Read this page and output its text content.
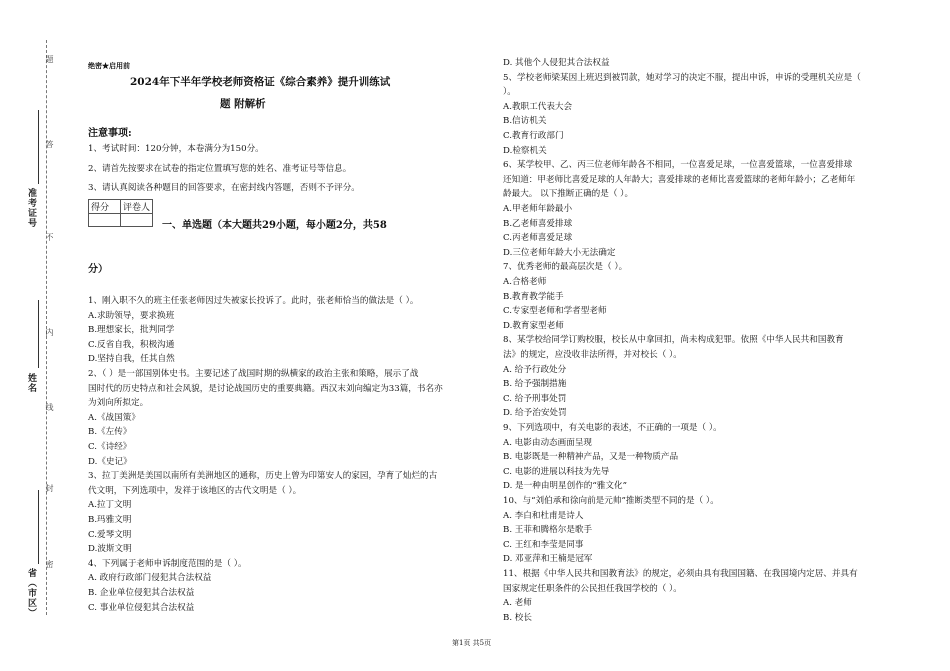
题
答
不
内
线
封
密
准考证号
姓名
省（市区）
绝密★启用前
2024年下半年学校老师资格证《综合素养》提升训练试
题 附解析
注意事项:
1、考试时间：120分钟，本卷满分为150分。
2、请首先按要求在试卷的指定位置填写您的姓名、准考证号等信息。
3、请认真阅读各种题目的回答要求，在密封线内答题，否则不予评分。
得分	评卷人

一、单选题（本大题共29小题，每小题2分，共58
分）
1、刚入职不久的班主任张老师因过失被家长投诉了。此时，张老师恰当的做法是（ ）。
A.求助领导，要求换班
B.理想家长，批判同学
C.反省自我，积极沟通
D.坚持自我，任其自然
2、（ ）是一部国别体史书。主要记述了战国时期的纵横家的政治主张和策略，展示了战
国时代的历史特点和社会风貌，是讨论战国历史的重要典籍。西汉末刘向编定为33篇，书名亦
为刘向所拟定。
A.《战国策》
B.《左传》
C.《诗经》
D.《史记》
3、拉丁美洲是美国以南所有美洲地区的通称，历史上曾为印第安人的家园，孕育了灿烂的古
代文明，下列选项中，发祥于该地区的古代文明是（ ）。
A.拉丁文明
B.玛雅文明
C.爱琴文明
D.波斯文明
4、下列属于老师申诉制度范围的是（ ）。
A. 政府行政部门侵犯其合法权益
B. 企业单位侵犯其合法权益
C. 事业单位侵犯其合法权益
D. 其他个人侵犯其合法权益
5、学校老师梁某因上班迟到被罚款，她对学习的决定不服，提出申诉，申诉的受理机关应是（
）。
A.教职工代表大会
B.信访机关
C.教育行政部门
D.检察机关
6、某学校甲、乙、丙三位老师年龄各不相同，一位喜爱足球，一位喜爱篮球，一位喜爱排球
还知道：甲老师比喜爱足球的人年龄大；喜爱排球的老师比喜爱篮球的老师年龄小；乙老师年
龄最大。 以下推断正确的是（ ）。
A.甲老师年龄最小
B.乙老师喜爱排球
C.丙老师喜爱足球
D.三位老师年龄大小无法确定
7、优秀老师的最高层次是（ ）。
A.合格老师
B.教育教学能手
C.专家型老师和学者型老师
D.教育家型老师
8、某学校给同学订购校服，校长从中拿回扣，尚未构成犯罪。依照《中华人民共和国教育
法》的规定，应没收非法所得，并对校长（ ）。
A. 给予行政处分
B. 给予强制措施
C. 给予刑事处罚
D. 给予治安处罚
9、下列选项中，有关电影的表述，不正确的一项是（ ）。
A. 电影由动态画面呈现
B. 电影既是一种精神产品，又是一种物质产品
C. 电影的进展以科技为先导
D. 是一种由明星创作的“雅文化”
10、与“刘伯承和徐向前是元帅”推断类型不同的是（ ）。
A. 李白和杜甫是诗人
B. 王菲和腾格尔是歌手
C. 王红和李莹是同事
D. 邓亚萍和王楠是冠军
11、根据《中华人民共和国教育法》的规定，必须由具有我国国籍、在我国境内定居、并具有
国家规定任职条件的公民担任我国学校的（ ）。
A. 老师
B. 校长
第1页 共5页
